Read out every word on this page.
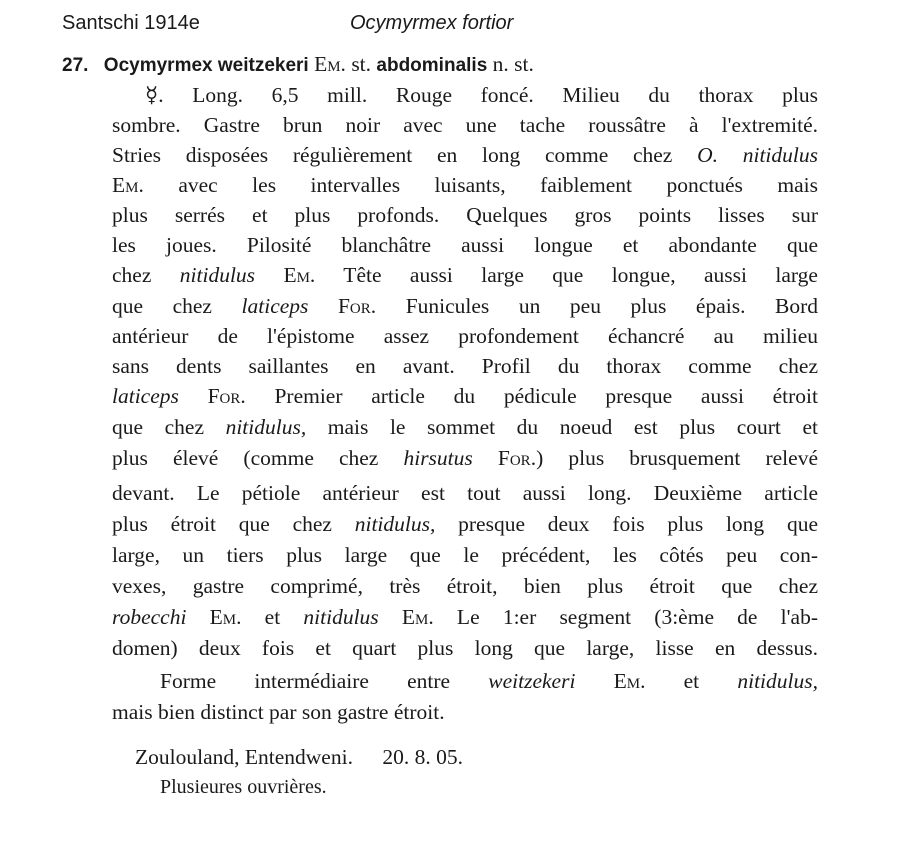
Santschi 1914e	Ocymyrmex fortior
27. Ocymyrmex weitzekeri Em. st. abdominalis n. st.
☿. Long. 6,5 mill. Rouge foncé. Milieu du thorax plus
sombre. Gastre brun noir avec une tache roussâtre à l'extremité.
Stries disposées régulièrement en long comme chez O. nitidulus
Em. avec les intervalles luisants, faiblement ponctués mais
plus serrés et plus profonds. Quelques gros points lisses sur
les joues. Pilosité blanchâtre aussi longue et abondante que
chez nitidulus Em. Tête aussi large que longue, aussi large
que chez laticeps For. Funicules un peu plus épais. Bord
antérieur de l'épistome assez profondement échancré au milieu
sans dents saillantes en avant. Profil du thorax comme chez
laticeps For. Premier article du pédicule presque aussi étroit
que chez nitidulus, mais le sommet du noeud est plus court et
plus élevé (comme chez hirsutus For.) plus brusquement relevé
devant. Le pétiole antérieur est tout aussi long. Deuxième article
plus étroit que chez nitidulus, presque deux fois plus long que
large, un tiers plus large que le précédent, les côtés peu con-
vexes, gastre comprimé, très étroit, bien plus étroit que chez
robecchi Em. et nitidulus Em. Le 1:er segment (3:ème de l'ab-
domen) deux fois et quart plus long que large, lisse en dessus.
Forme intermédiaire entre weitzekeri Em. et nitidulus,
mais bien distinct par son gastre étroit.
Zoulouland, Entendweni. 20. 8. 05.
Plusieures ouvrières.
